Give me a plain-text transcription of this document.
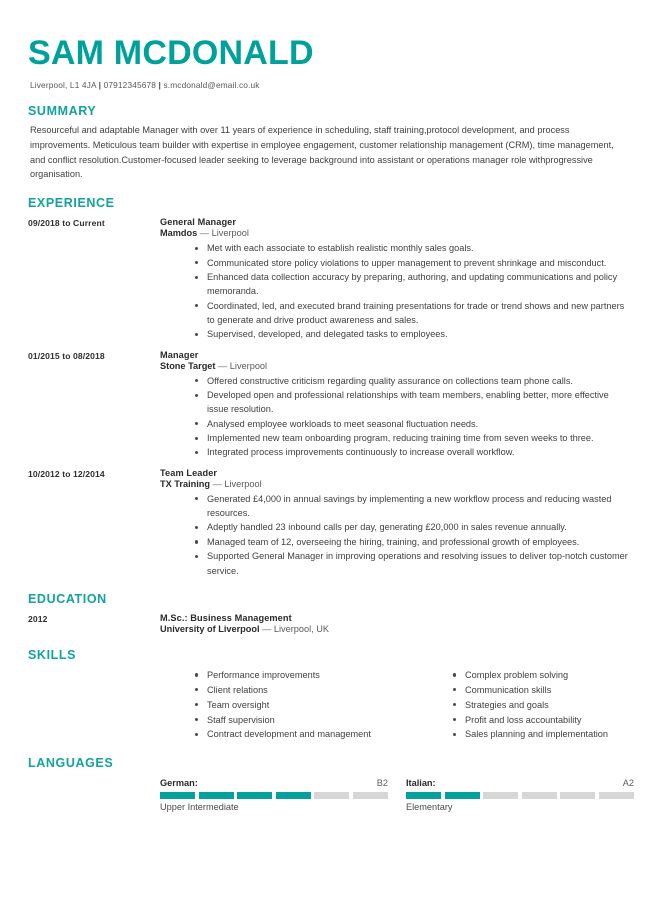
SAM MCDONALD
Liverpool, L1 4JA | 07912345678 | s.mcdonald@email.co.uk
SUMMARY

Resourceful and adaptable Manager with over 11 years of experience in scheduling, staff training,protocol development, and process improvements. Meticulous team builder with expertise in employee engagement, customer relationship management (CRM), time management, and conflict resolution.Customer-focused leader seeking to leverage background into assistant or operations manager role withprogressive organisation.

EXPERIENCE
09/2018 to Current	General Manager
Mamdos — Liverpool
Met with each associate to establish realistic monthly sales goals.
Communicated store policy violations to upper management to prevent shrinkage and misconduct.
Enhanced data collection accuracy by preparing, authoring, and updating communications and policy memoranda.
Coordinated, led, and executed brand training presentations for trade or trend shows and new partners to generate and drive product awareness and sales.
Supervised, developed, and delegated tasks to employees.
01/2015 to 08/2018	Manager
Stone Target — Liverpool
Offered constructive criticism regarding quality assurance on collections team phone calls.
Developed open and professional relationships with team members, enabling better, more effective issue resolution.
Analysed employee workloads to meet seasonal fluctuation needs.
Implemented new team onboarding program, reducing training time from seven weeks to three.
Integrated process improvements continuously to increase overall workflow.
10/2012 to 12/2014	Team Leader
TX Training — Liverpool
Generated £4,000 in annual savings by implementing a new workflow process and reducing wasted resources.
Adeptly handled 23 inbound calls per day, generating £20,000 in sales revenue annually.
Managed team of 12, overseeing the hiring, training, and professional growth of employees.
Supported General Manager in improving operations and resolving issues to deliver top-notch customer service.
EDUCATION
2012	M.Sc.: Business Management
University of Liverpool — Liverpool, UK
SKILLS
Performance improvements
Client relations
Team oversight
Staff supervision
Contract development and management
Complex problem solving
Communication skills
Strategies and goals
Profit and loss accountability
Sales planning and implementation
LANGUAGES
German:	B2
Upper Intermediate
Italian:	A2
Elementary
